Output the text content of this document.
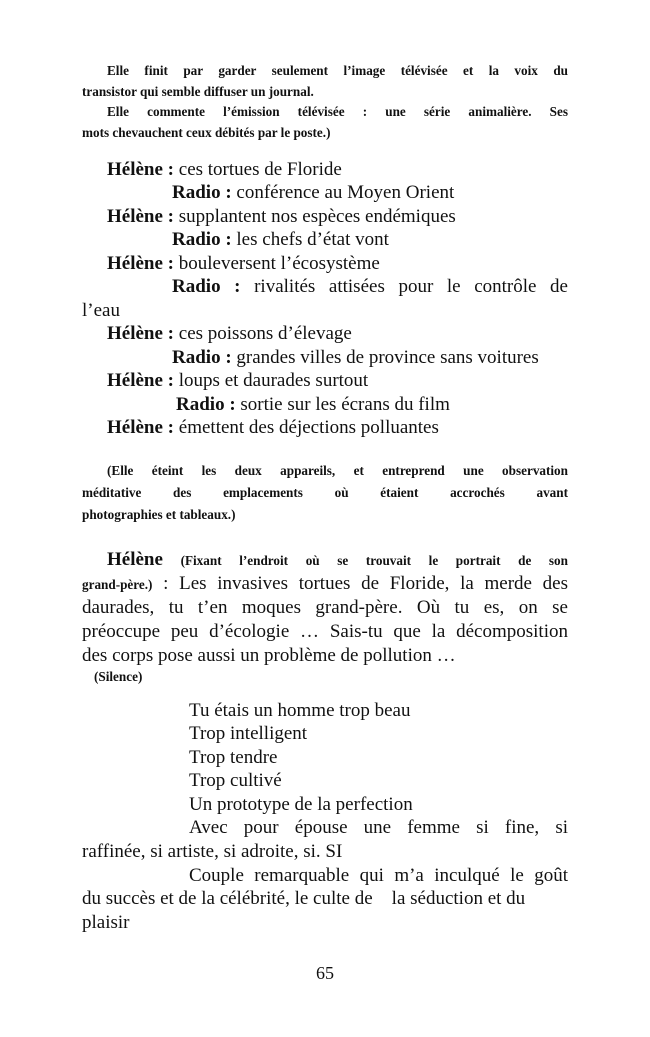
Elle finit par garder seulement l’image télévisée et la voix du
transistor qui semble diffuser un journal.
Elle commente l’émission télévisée : une série animalière. Ses
mots chevauchent ceux débités par le poste.)
Hélène : ces tortues de Floride
Radio : conférence au Moyen Orient
Hélène : supplantent nos espèces endémiques
Radio : les chefs d’état vont
Hélène : bouleversent l’écosystème
Radio : rivalités attisées pour le contrôle de
l’eau
Hélène : ces poissons d’élevage
Radio : grandes villes de province sans voitures
Hélène : loups et daurades surtout
Radio : sortie sur les écrans du film
Hélène : émettent des déjections polluantes
(Elle éteint les deux appareils, et entreprend une observation
méditative des emplacements où étaient accrochés avant
photographies et tableaux.)
Hélène (Fixant l’endroit où se trouvait le portrait de son
grand-père.) : Les invasives tortues de Floride, la merde des
daurades, tu t’en moques grand-père. Où tu es, on se
préoccupe peu d’écologie … Sais-tu que la décomposition
des corps pose aussi un problème de pollution …
(Silence)
Tu étais un homme trop beau
Trop intelligent
Trop tendre
Trop cultivé
Un prototype de la perfection
Avec pour épouse une femme si fine, si
raffinée, si artiste, si adroite, si. SI
Couple remarquable qui m’a inculqué le goût
du succès et de la célébrité, le culte de    la séduction et du
plaisir
65
